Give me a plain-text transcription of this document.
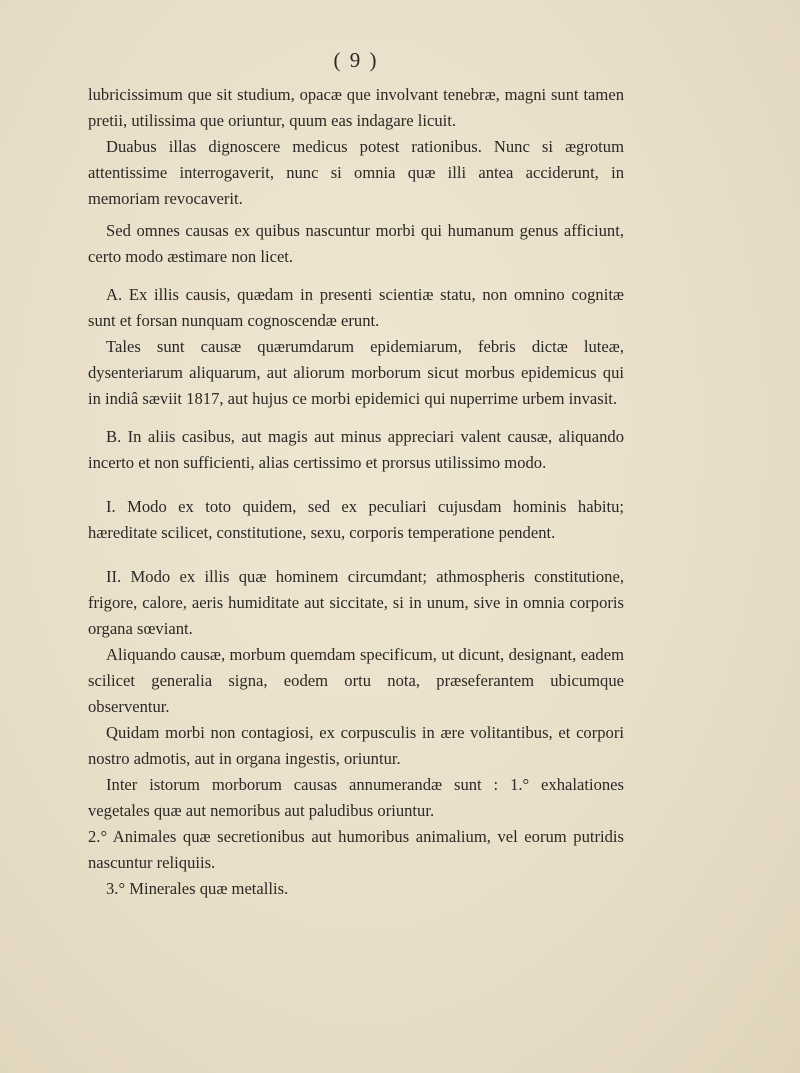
( 9 )

lubricissimum que sit studium, opacæ que involvant tenebræ, magni sunt tamen pretii, utilissima que oriuntur, quum eas indagare licuit.

Duabus illas dignoscere medicus potest rationibus. Nunc si ægrotum attentissime interrogaverit, nunc si omnia quæ illi antea acciderunt, in memoriam revocaverit.

Sed omnes causas ex quibus nascuntur morbi qui humanum genus afficiunt, certo modo æstimare non licet.

A. Ex illis causis, quædam in presenti scientiæ statu, non omnino cognitæ sunt et forsan nunquam cognoscendæ erunt.

Tales sunt causæ quærumdarum epidemiarum, febris dictæ luteæ, dysenteriarum aliquarum, aut aliorum morborum sicut morbus epidemicus qui in indiâ sæviit 1817, aut hujus ce morbi epidemici qui nuperrime urbem invasit.

B. In aliis casibus, aut magis aut minus appreciari valent causæ, aliquando incerto et non sufficienti, alias certissimo et prorsus utilissimo modo.

I. Modo ex toto quidem, sed ex peculiari cujusdam hominis habitu; hæreditate scilicet, constitutione, sexu, corporis temperatione pendent.

II. Modo ex illis quæ hominem circumdant; athmospheris constitutione, frigore, calore, aeris humiditate aut siccitate, si in unum, sive in omnia corporis organa sœviant.

Aliquando causæ, morbum quemdam specificum, ut dicunt, designant, eadem scilicet generalia signa, eodem ortu nota, præseferantem ubicumque observentur.

Quidam morbi non contagiosi, ex corpusculis in ære volitantibus, et corpori nostro admotis, aut in organa ingestis, oriuntur.

Inter istorum morborum causas annumerandæ sunt : 1.° exhalationes vegetales quæ aut nemoribus aut paludibus oriuntur.

2.° Animales quæ secretionibus aut humoribus animalium, vel eorum putridis nascuntur reliquiis.

3.° Minerales quæ metallis.
